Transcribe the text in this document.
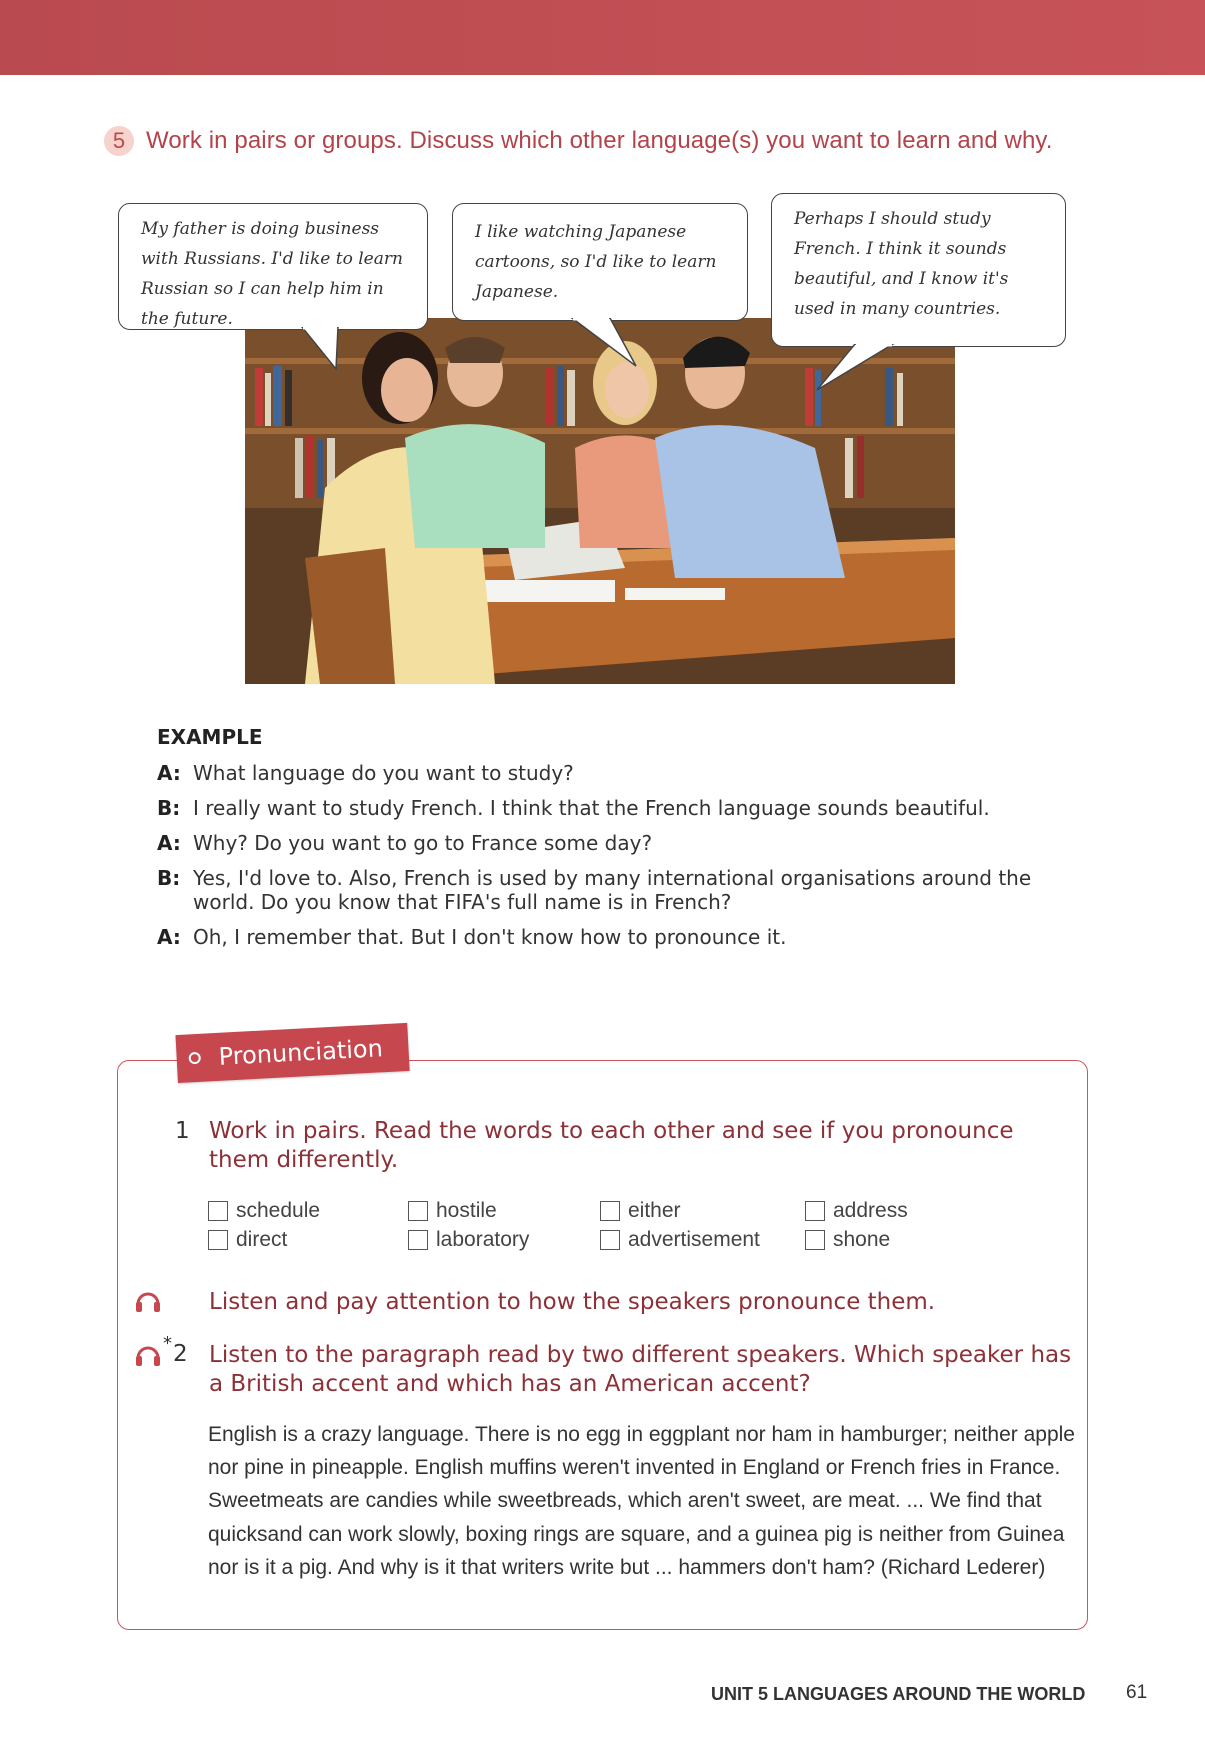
5 Work in pairs or groups. Discuss which other language(s) you want to learn and why.
My father is doing business with Russians. I'd like to learn Russian so I can help him in the future.
I like watching Japanese cartoons, so I'd like to learn Japanese.
Perhaps I should study French. I think it sounds beautiful, and I know it's used in many countries.
EXAMPLE
A: What language do you want to study?
B: I really want to study French. I think that the French language sounds beautiful.
A: Why? Do you want to go to France some day?
B: Yes, I'd love to. Also, French is used by many international organisations around the world. Do you know that FIFA's full name is in French?
A: Oh, I remember that. But I don't know how to pronounce it.
Pronunciation
1 Work in pairs. Read the words to each other and see if you pronounce them differently.
schedule
direct
hostile
laboratory
either
advertisement
address
shone
Listen and pay attention to how the speakers pronounce them.
* 2 Listen to the paragraph read by two different speakers. Which speaker has a British accent and which has an American accent?
English is a crazy language. There is no egg in eggplant nor ham in hamburger; neither apple nor pine in pineapple. English muffins weren't invented in England or French fries in France. Sweetmeats are candies while sweetbreads, which aren't sweet, are meat. ... We find that quicksand can work slowly, boxing rings are square, and a guinea pig is neither from Guinea nor is it a pig. And why is it that writers write but ... hammers don't ham? (Richard Lederer)
UNIT 5 LANGUAGES AROUND THE WORLD 61
